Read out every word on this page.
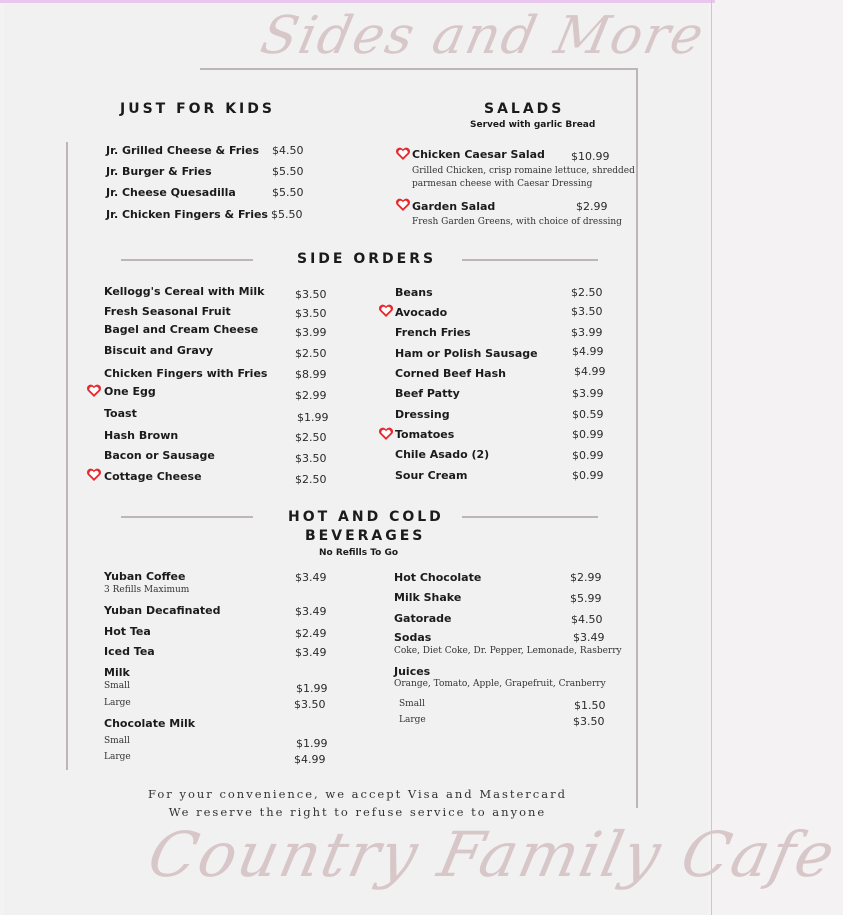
Sides and More
JUST FOR KIDS
Jr. Grilled Cheese & Fries $4.50
Jr. Burger & Fries	$5.50
Jr. Cheese Quesadilla	$5.50
Jr. Chicken Fingers & Fries $5.50
SALADS
Served with garlic Bread
Chicken Caesar Salad $10.99
Grilled Chicken, crisp romaine lettuce, shredded
parmesan cheese with Caesar Dressing
Garden Salad	$2.99
Fresh Garden Greens, with choice of dressing
SIDE ORDERS
Kellogg's Cereal with Milk	$3.50
Fresh Seasonal Fruit	$3.50
Bagel and Cream Cheese	$3.99
Biscuit and Gravy	$2.50
Chicken Fingers with Fries	$8.99
One Egg	$2.99
Toast	$1.99
Hash Brown	$2.50
Bacon or Sausage	$3.50
Cottage Cheese	$2.50
Beans	$2.50
Avocado	$3.50
French Fries	$3.99
Ham or Polish Sausage	$4.99
Corned Beef Hash	$4.99
Beef Patty	$3.99
Dressing	$0.59
Tomatoes	$0.99
Chile Asado (2)	$0.99
Sour Cream	$0.99
HOT AND COLD
BEVERAGES
No Refills To Go
Yuban Coffee	$3.49
3 Refills Maximum
Yuban Decafinated	$3.49
Hot Tea	$2.49
Iced Tea	$3.49
Milk
Small	$1.99
Large	$3.50
Chocolate Milk
Small	$1.99
Large	$4.99
Hot Chocolate	$2.99
Milk Shake	$5.99
Gatorade	$4.50
Sodas	$3.49
Coke, Diet Coke, Dr. Pepper, Lemonade, Rasberry
Juices
Orange, Tomato, Apple, Grapefruit, Cranberry
Small	$1.50
Large	$3.50
For your convenience, we accept Visa and Mastercard
We reserve the right to refuse service to anyone
Country Family Cafe
